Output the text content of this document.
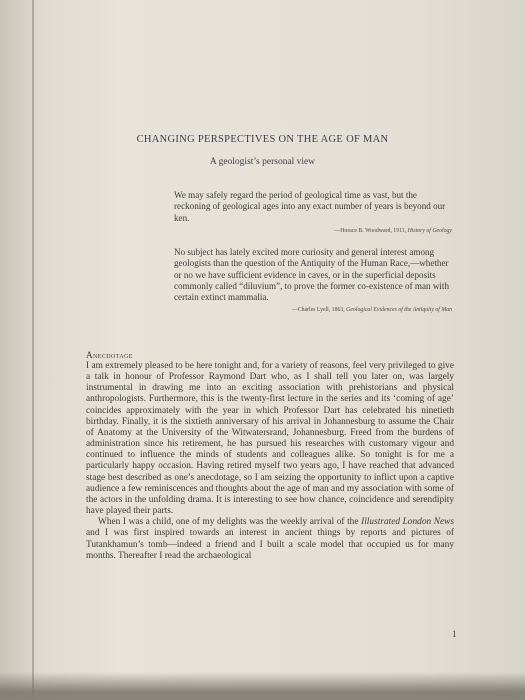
CHANGING PERSPECTIVES ON THE AGE OF MAN
A geologist’s personal view

We may safely regard the period of geological time as vast, but the reckoning of geological ages into any exact number of years is beyond our ken.

—Horace B. Woodward, 1911, History of Geology

No subject has lately excited more curiosity and general interest among geologists than the question of the Antiquity of the Human Race,—whether or no we have sufficient evidence in caves, or in the superficial deposits commonly called “diluvium”, to prove the former co-existence of man with certain extinct mammalia.

—Charles Lyell, 1863, Geological Evidences of the Antiquity of Man
Anecdotage

I am extremely pleased to be here tonight and, for a variety of reasons, feel very privileged to give a talk in honour of Professor Raymond Dart who, as I shall tell you later on, was largely instrumental in drawing me into an exciting association with prehistorians and physical anthropologists. Furthermore, this is the twenty-first lecture in the series and its ‘coming of age’ coincides approximately with the year in which Professor Dart has celebrated his ninetieth birthday. Finally, it is the sixtieth anniversary of his arrival in Johannesburg to assume the Chair of Anatomy at the University of the Witwatersrand, Johannesburg. Freed from the burdens of administration since his retirement, he has pursued his researches with customary vigour and continued to influence the minds of students and colleagues alike. So tonight is for me a particularly happy occasion. Having retired myself two years ago, I have reached that advanced stage best described as one’s anecdotage, so I am seizing the opportunity to inflict upon a captive audience a few reminiscences and thoughts about the age of man and my association with some of the actors in the unfolding drama. It is interesting to see how chance, coincidence and serendipity have played their parts.

When I was a child, one of my delights was the weekly arrival of the Illustrated London News and I was first inspired towards an interest in ancient things by reports and pictures of Tutankhamun’s tomb—indeed a friend and I built a scale model that occupied us for many months. Thereafter I read the archaeological

1
